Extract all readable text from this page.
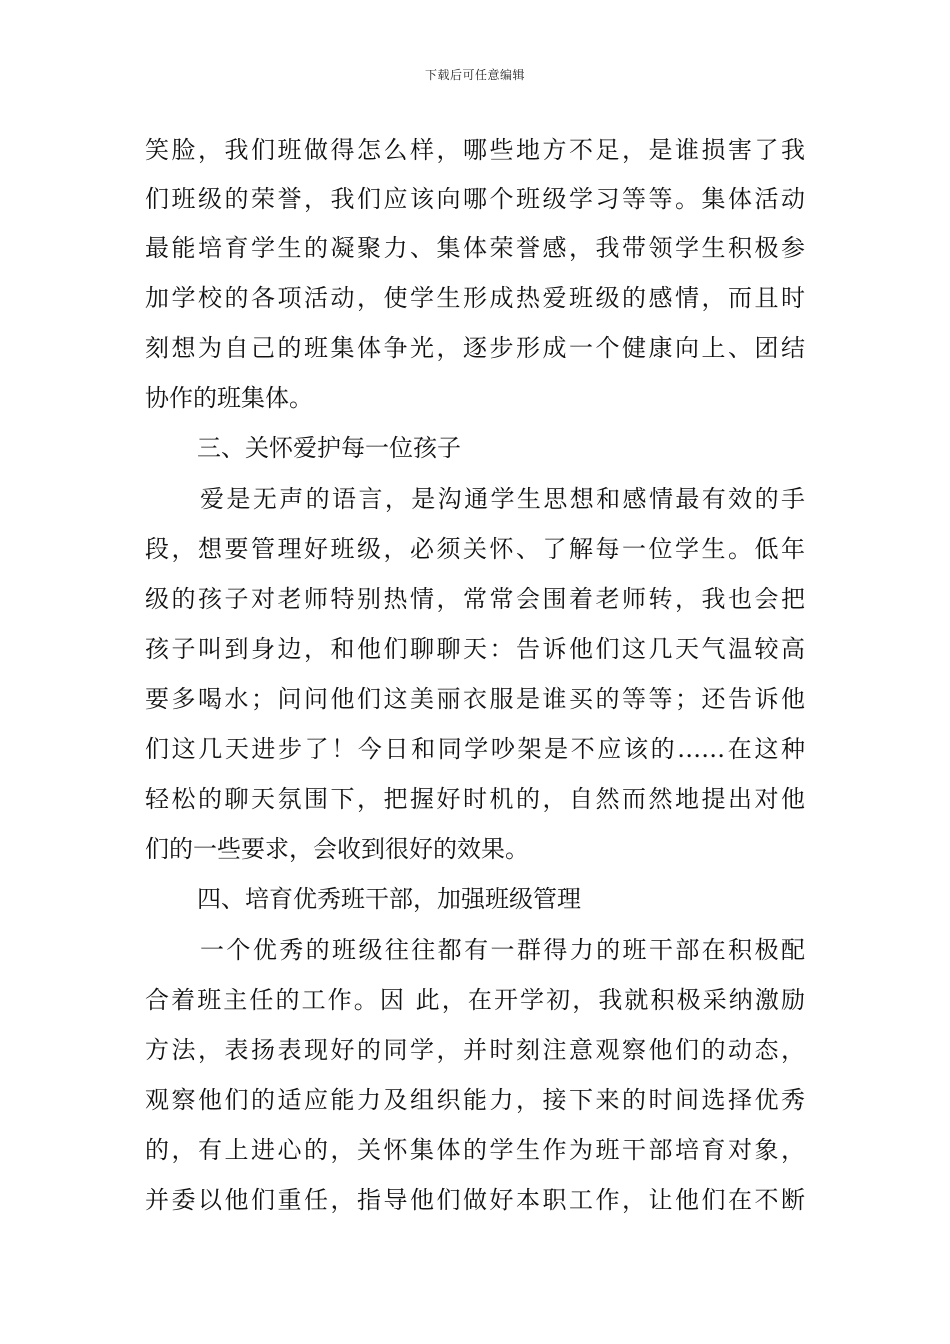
下载后可任意编辑
笑脸，我们班做得怎么样，哪些地方不足，是谁损害了我
们班级的荣誉，我们应该向哪个班级学习等等。集体活动
最能培育学生的凝聚力、集体荣誉感，我带领学生积极参
加学校的各项活动，使学生形成热爱班级的感情，而且时
刻想为自己的班集体争光，逐步形成一个健康向上、团结
协作的班集体。
三、关怀爱护每一位孩子
爱是无声的语言，是沟通学生思想和感情最有效的手
段，想要管理好班级，必须关怀、了解每一位学生。低年
级的孩子对老师特别热情，常常会围着老师转，我也会把
孩子叫到身边，和他们聊聊天：告诉他们这几天气温较高
要多喝水；问问他们这美丽衣服是谁买的等等；还告诉他
们这几天进步了！今日和同学吵架是不应该的……在这种
轻松的聊天氛围下，把握好时机的，自然而然地提出对他
们的一些要求，会收到很好的效果。
四、培育优秀班干部，加强班级管理
一个优秀的班级往往都有一群得力的班干部在积极配
合着班主任的工作。因 此，在开学初，我就积极采纳激励
方法，表扬表现好的同学，并时刻注意观察他们的动态，
观察他们的适应能力及组织能力，接下来的时间选择优秀
的，有上进心的，关怀集体的学生作为班干部培育对象，
并委以他们重任，指导他们做好本职工作，让他们在不断
